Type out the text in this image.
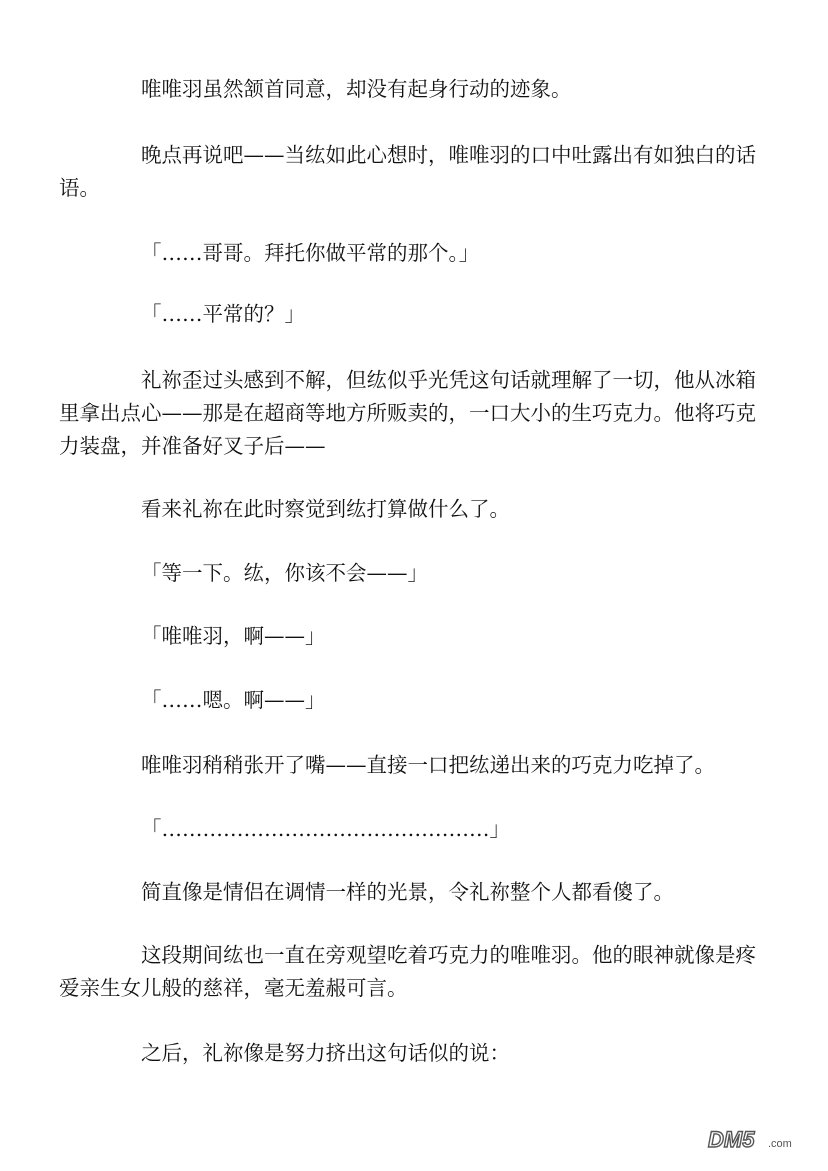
唯唯羽虽然颔首同意，却没有起身行动的迹象。

晚点再说吧——当纮如此心想时，唯唯羽的口中吐露出有如独白的话语。

「……哥哥。拜托你做平常的那个。」

「……平常的？」

礼祢歪过头感到不解，但纮似乎光凭这句话就理解了一切，他从冰箱里拿出点心——那是在超商等地方所贩卖的，一口大小的生巧克力。他将巧克力装盘，并准备好叉子后——

看来礼祢在此时察觉到纮打算做什么了。

「等一下。纮，你该不会——」

「唯唯羽，啊——」

「……嗯。啊——」

唯唯羽稍稍张开了嘴——直接一口把纮递出来的巧克力吃掉了。

「…………………………………………」

简直像是情侣在调情一样的光景，令礼祢整个人都看傻了。

这段期间纮也一直在旁观望吃着巧克力的唯唯羽。他的眼神就像是疼爱亲生女儿般的慈祥，毫无羞赧可言。

之后，礼祢像是努力挤出这句话似的说：

DM5 .com
